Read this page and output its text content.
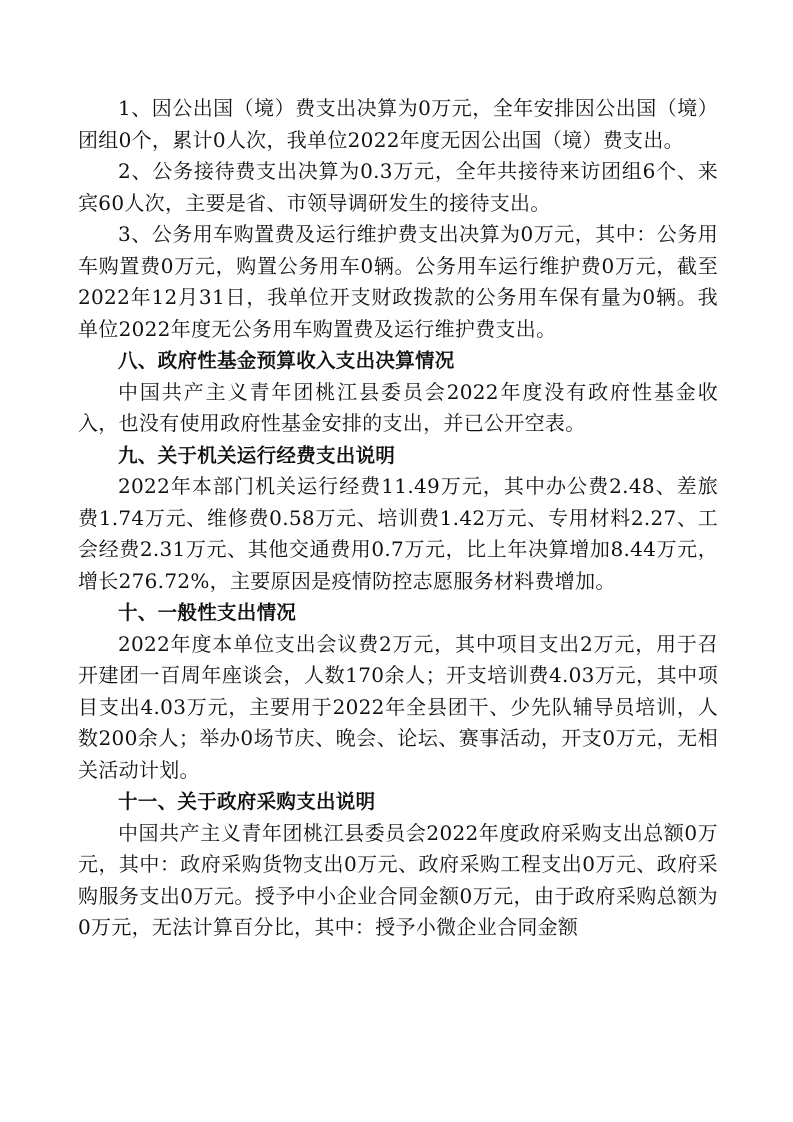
1、因公出国（境）费支出决算为0万元，全年安排因公出国（境）团组0个，累计0人次，我单位2022年度无因公出国（境）费支出。

2、公务接待费支出决算为0.3万元，全年共接待来访团组6个、来宾60人次，主要是省、市领导调研发生的接待支出。

3、公务用车购置费及运行维护费支出决算为0万元，其中：公务用车购置费0万元，购置公务用车0辆。公务用车运行维护费0万元，截至2022年12月31日，我单位开支财政拨款的公务用车保有量为0辆。我单位2022年度无公务用车购置费及运行维护费支出。

八、政府性基金预算收入支出决算情况

中国共产主义青年团桃江县委员会2022年度没有政府性基金收入，也没有使用政府性基金安排的支出，并已公开空表。

九、关于机关运行经费支出说明

2022年本部门机关运行经费11.49万元，其中办公费2.48、差旅费1.74万元、维修费0.58万元、培训费1.42万元、专用材料2.27、工会经费2.31万元、其他交通费用0.7万元，比上年决算增加8.44万元，增长276.72%，主要原因是疫情防控志愿服务材料费增加。

十、一般性支出情况

2022年度本单位支出会议费2万元，其中项目支出2万元，用于召开建团一百周年座谈会，人数170余人；开支培训费4.03万元，其中项目支出4.03万元，主要用于2022年全县团干、少先队辅导员培训，人数200余人；举办0场节庆、晚会、论坛、赛事活动，开支0万元，无相关活动计划。

十一、关于政府采购支出说明

中国共产主义青年团桃江县委员会2022年度政府采购支出总额0万元，其中：政府采购货物支出0万元、政府采购工程支出0万元、政府采购服务支出0万元。授予中小企业合同金额0万元，由于政府采购总额为0万元，无法计算百分比，其中：授予小微企业合同金额
